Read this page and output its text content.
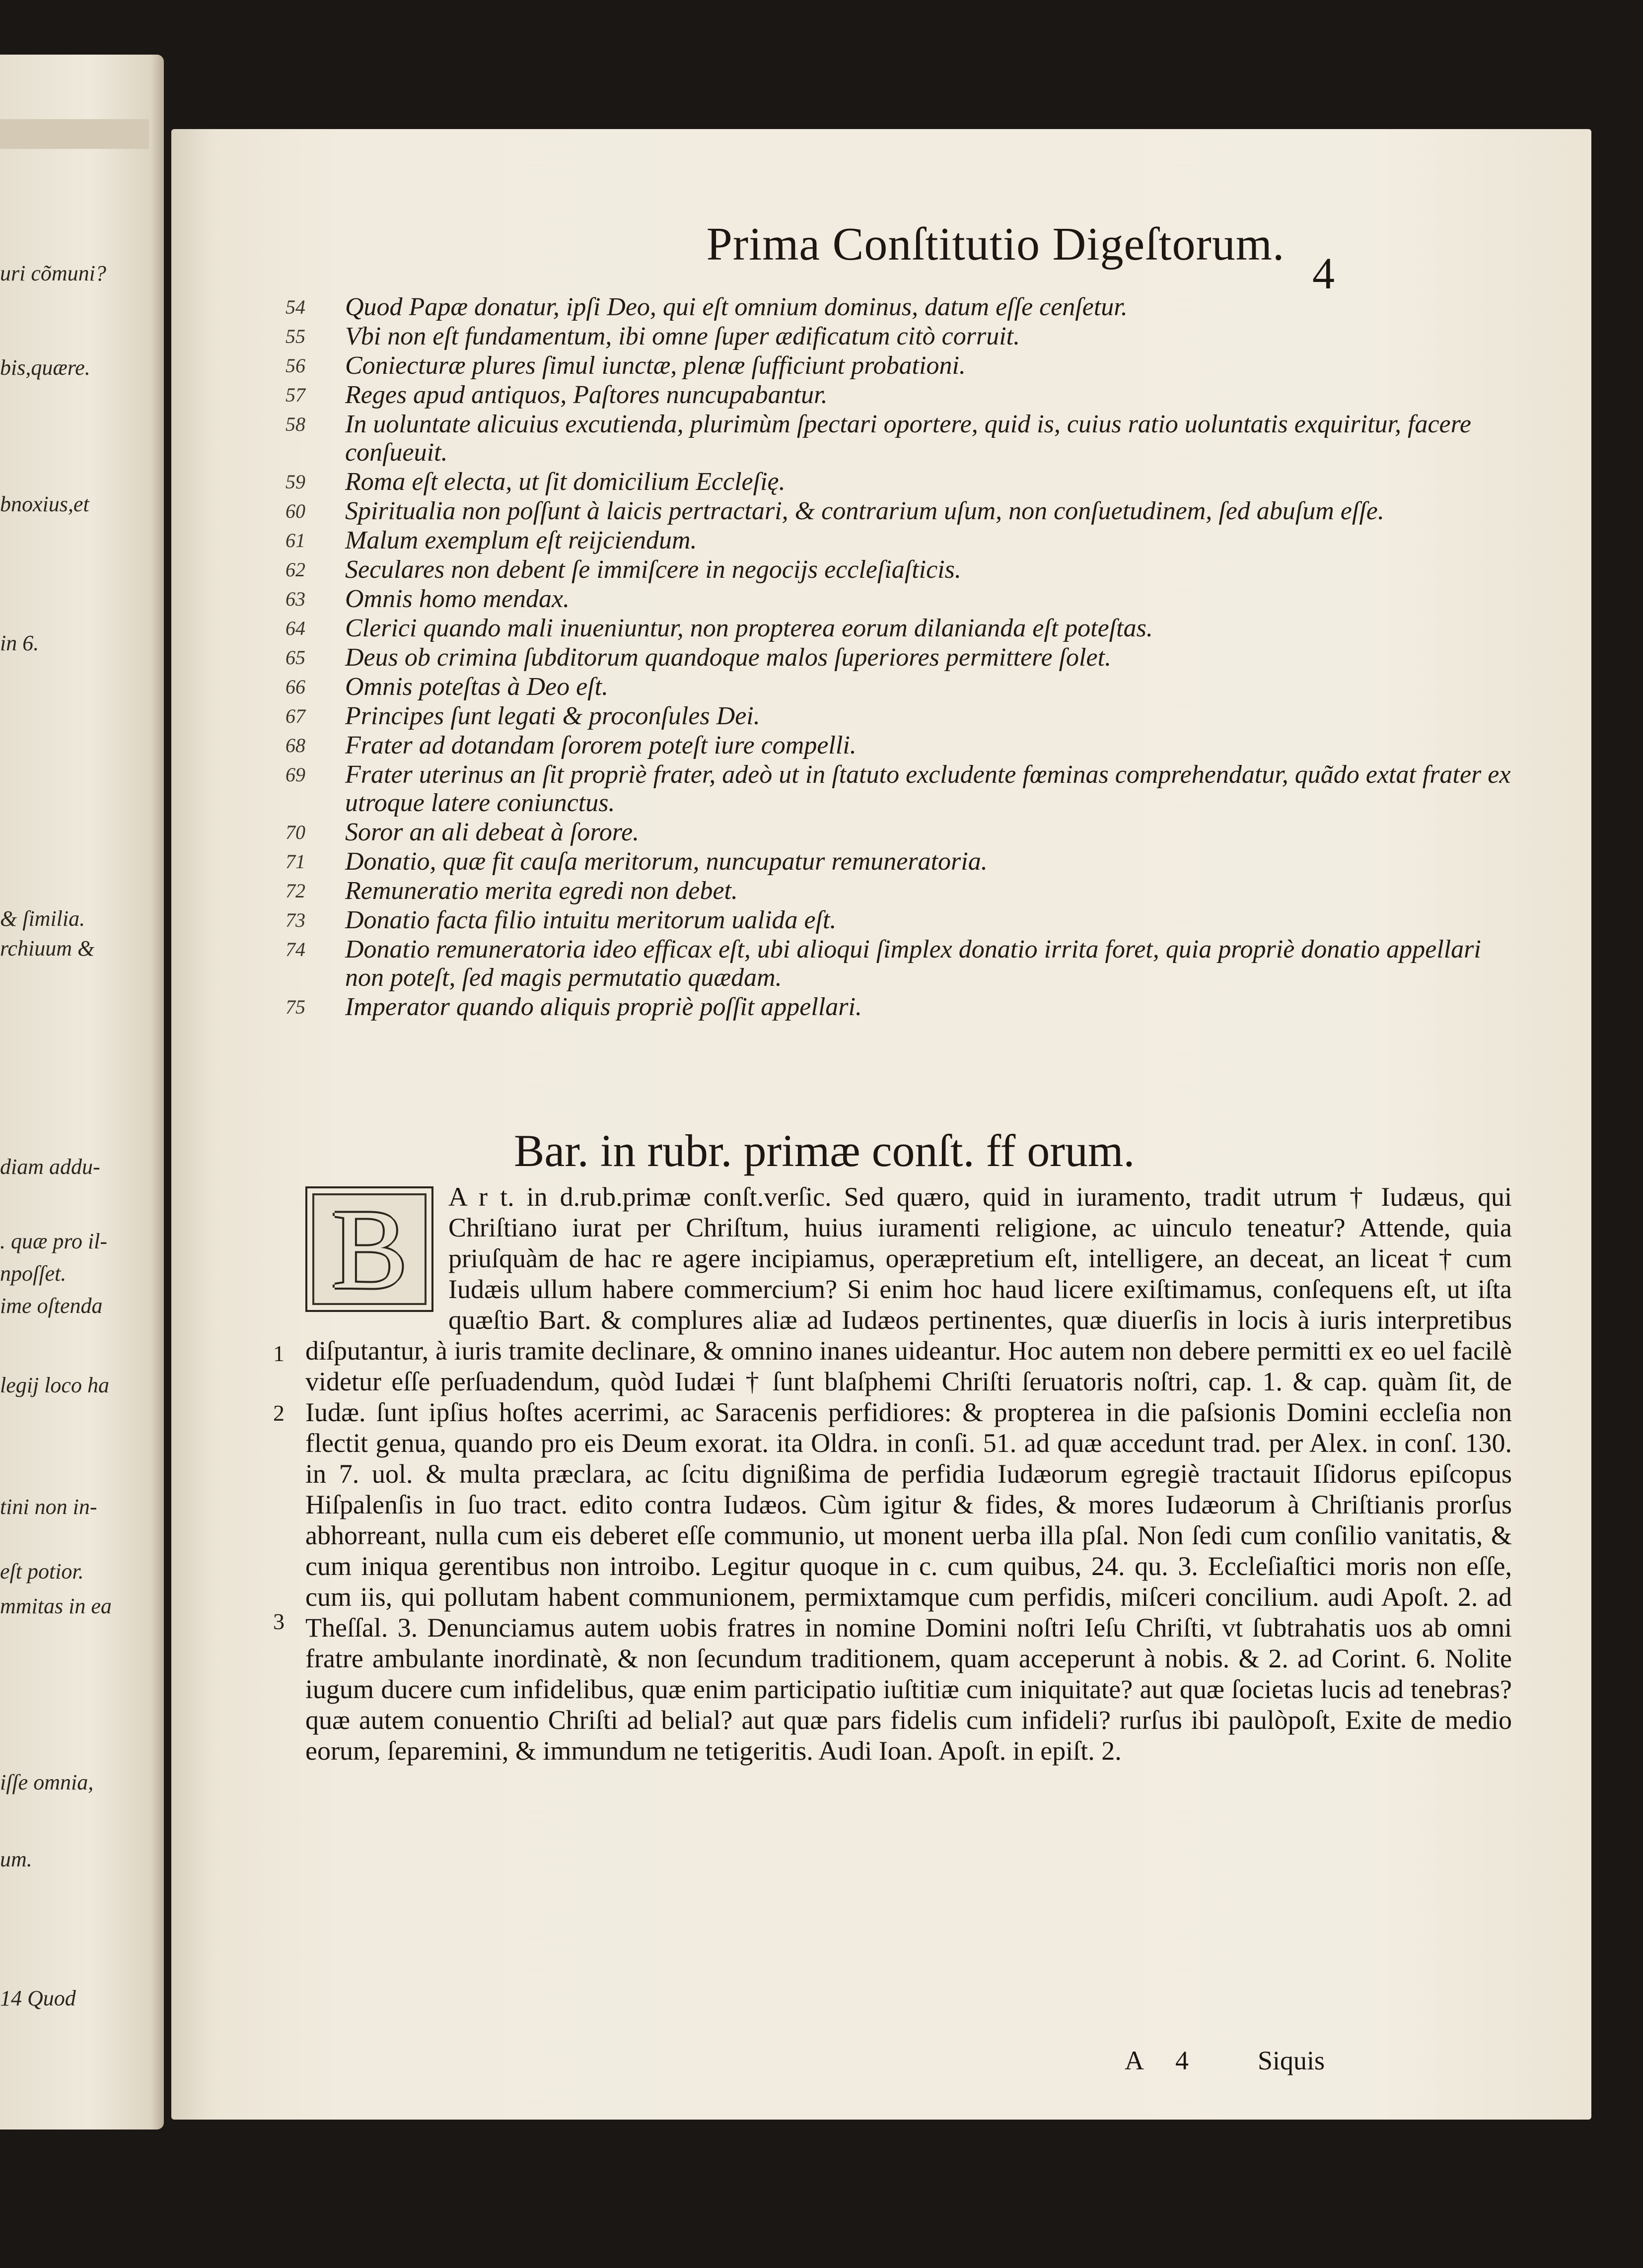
uri cõmuni?
bis,quære.
bnoxius,et
in 6.
& ſimilia.
rchiuum &
diam addu-
. quæ pro il-
npoſſet.
ime oſtenda
legij loco ha
tini non in-
eſt potior.
mmitas in ea
iſſe omnia,
um.
14 Quod
Prima Conſtitutio Digeſtorum.
4
54	Quod Papæ donatur, ipſi Deo, qui eſt omnium dominus, datum eſſe cenſetur.
55	Vbi non eſt fundamentum, ibi omne ſuper ædificatum citò corruit.
56	Coniecturæ plures ſimul iunctæ, plenæ ſufficiunt probationi.
57	Reges apud antiquos, Paſtores nuncupabantur.
58	In uoluntate alicuius excutienda, plurimùm ſpectari oportere, quid is, cuius ratio uoluntatis exquiritur, facere conſueuit.
59	Roma eſt electa, ut ſit domicilium Eccleſię.
60	Spiritualia non poſſunt à laicis pertractari, & contrarium uſum, non conſuetudinem, ſed abuſum eſſe.
61	Malum exemplum eſt reijciendum.
62	Seculares non debent ſe immiſcere in negocijs eccleſiaſticis.
63	Omnis homo mendax.
64	Clerici quando mali inueniuntur, non propterea eorum dilanianda eſt poteſtas.
65	Deus ob crimina ſubditorum quandoque malos ſuperiores permittere ſolet.
66	Omnis poteſtas à Deo eſt.
67	Principes ſunt legati & proconſules Dei.
68	Frater ad dotandam ſororem poteſt iure compelli.
69	Frater uterinus an ſit propriè frater, adeò ut in ſtatuto excludente fœminas comprehendatur, quãdo extat frater ex utroque latere coniunctus.
70	Soror an ali debeat à ſorore.
71	Donatio, quæ fit cauſa meritorum, nuncupatur remuneratoria.
72	Remuneratio merita egredi non debet.
73	Donatio facta filio intuitu meritorum ualida eſt.
74	Donatio remuneratoria ideo efficax eſt, ubi alioqui ſimplex donatio irrita foret, quia propriè donatio appellari non poteſt, ſed magis permutatio quædam.
75	Imperator quando aliquis propriè poſſit appellari.
Bar. in rubr. primæ conſt. ff orum.
1
2
3
B	A r t. in d.rub.primæ conſt.verſic. Sed quæro, quid in iuramento, tradit utrum † Iudæus, qui Chriſtiano iurat per Chriſtum, huius iuramenti religione, ac uinculo teneatur? Attende, quia priuſquàm de hac re agere incipiamus, operæpretium eſt, intelligere, an deceat, an liceat † cum Iudæis ullum habere commercium? Si enim hoc haud licere exiſtimamus, conſequens eſt, ut iſta quæſtio Bart. & complures aliæ ad Iudæos pertinentes, quæ diuerſis in locis à iuris interpretibus diſputantur, à iuris tramite declinare, & omnino inanes uideantur. Hoc autem non debere permitti ex eo uel facilè videtur eſſe perſuadendum, quòd Iudæi † ſunt blaſphemi Chriſti ſeruatoris noſtri, cap. 1. & cap. quàm ſit, de Iudæ. ſunt ipſius hoſtes acerrimi, ac Saracenis perfidiores: & propterea in die paſsionis Domini eccleſia non flectit genua, quando pro eis Deum exorat. ita Oldra. in conſi. 51. ad quæ accedunt trad. per Alex. in conſ. 130. in 7. uol. & multa præclara, ac ſcitu dignißima de perfidia Iudæorum egregiè tractauit Iſidorus epiſcopus Hiſpalenſis in ſuo tract. edito contra Iudæos. Cùm igitur & fides, & mores Iudæorum à Chriſtianis prorſus abhorreant, nulla cum eis deberet eſſe communio, ut monent uerba illa pſal. Non ſedi cum conſilio vanitatis, & cum iniqua gerentibus non introibo. Legitur quoque in c. cum quibus, 24. qu. 3. Eccleſiaſtici moris non eſſe, cum iis, qui pollutam habent communionem, permixtamque cum perfidis, miſceri concilium. audi Apoſt. 2. ad Theſſal. 3. Denunciamus autem uobis fratres in nomine Domini noſtri Ieſu Chriſti, vt ſubtrahatis uos ab omni fratre ambulante inordinatè, & non ſecundum traditionem, quam acceperunt à nobis. & 2. ad Corint. 6. Nolite iugum ducere cum infidelibus, quæ enim participatio iuſtitiæ cum iniquitate? aut quæ ſocietas lucis ad tenebras? quæ autem conuentio Chriſti ad belial? aut quæ pars fidelis cum infideli? rurſus ibi paulòpoſt, Exite de medio eorum, ſeparemini, & immundum ne tetigeritis. Audi Ioan. Apoſt. in epiſt. 2.

A 4	Siquis
